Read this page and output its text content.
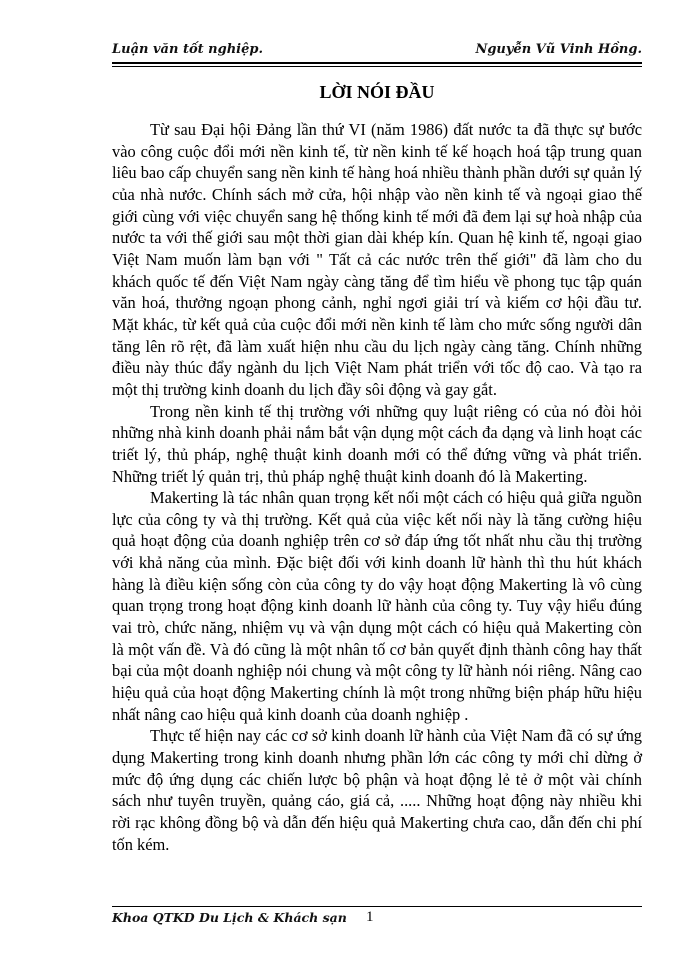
Luận văn tốt nghiệp.	Nguyễn Vũ Vinh Hồng.
LỜI NÓI ĐẦU

Từ sau Đại hội Đảng lần thứ VI (năm 1986) đất nước ta đã thực sự bước vào công cuộc đổi mới nền kinh tế, từ nền kinh tế kế hoạch hoá tập trung quan liêu bao cấp chuyển sang nền kinh tế hàng hoá nhiều thành phần dưới sự quản lý của nhà nước. Chính sách mở cửa, hội nhập vào nền kinh tế và ngoại giao thế giới cùng với việc chuyển sang hệ thống kinh tế mới đã đem lại sự hoà nhập của nước ta với thế giới sau một thời gian dài khép kín. Quan hệ kinh tế, ngoại giao Việt Nam muốn làm bạn với " Tất cả các nước trên thế giới" đã làm cho du khách quốc tế đến Việt Nam ngày càng tăng để tìm hiểu về phong tục tập quán văn hoá, thưởng ngoạn phong cảnh, nghỉ ngơi giải trí và kiếm cơ hội đầu tư. Mặt khác, từ kết quả của cuộc đổi mới nền kinh tế làm cho mức sống người dân tăng lên rõ rệt, đã làm xuất hiện nhu cầu du lịch ngày càng tăng. Chính những điều này thúc đẩy ngành du lịch Việt Nam phát triển với tốc độ cao. Và tạo ra một thị trường kinh doanh du lịch đầy sôi động và gay gắt.

Trong nền kinh tế thị trường với những quy luật riêng có của nó đòi hỏi những nhà kinh doanh phải nắm bắt vận dụng một cách đa dạng và linh hoạt các triết lý, thủ pháp, nghệ thuật kinh doanh mới có thể đứng vững và phát triển. Những triết lý quản trị, thủ pháp nghệ thuật kinh doanh đó là Makerting.

Makerting là tác nhân quan trọng kết nối một cách có hiệu quả giữa nguồn lực của công ty và thị trường. Kết quả của việc kết nối này là tăng cường hiệu quả hoạt động của doanh nghiệp trên cơ sở đáp ứng tốt nhất nhu cầu thị trường với khả năng của mình. Đặc biệt đối với kinh doanh lữ hành thì thu hút khách hàng là điều kiện sống còn của công ty do vậy hoạt động Makerting là vô cùng quan trọng trong hoạt động kinh doanh lữ hành của công ty. Tuy vậy hiểu đúng vai trò, chức năng, nhiệm vụ và vận dụng một cách có hiệu quả Makerting còn là một vấn đề. Và đó cũng là một nhân tố cơ bản quyết định thành công hay thất bại của một doanh nghiệp nói chung và một công ty lữ hành nói riêng. Nâng cao hiệu quả của hoạt động Makerting chính là một trong những biện pháp hữu hiệu nhất nâng cao hiệu quả kinh doanh của doanh nghiệp .

Thực tế hiện nay các cơ sở kinh doanh lữ hành của Việt Nam đã có sự ứng dụng Makerting trong kinh doanh nhưng phần lớn các công ty mới chỉ dừng ở mức độ ứng dụng các chiến lược bộ phận và hoạt động lẻ tẻ ở một vài chính sách như tuyên truyền, quảng cáo, giá cả, ..... Những hoạt động này nhiều khi rời rạc không đồng bộ và dẫn đến hiệu quả Makerting chưa cao, dẫn đến chi phí tốn kém.

Khoa QTKD Du Lịch & Khách sạn 1
